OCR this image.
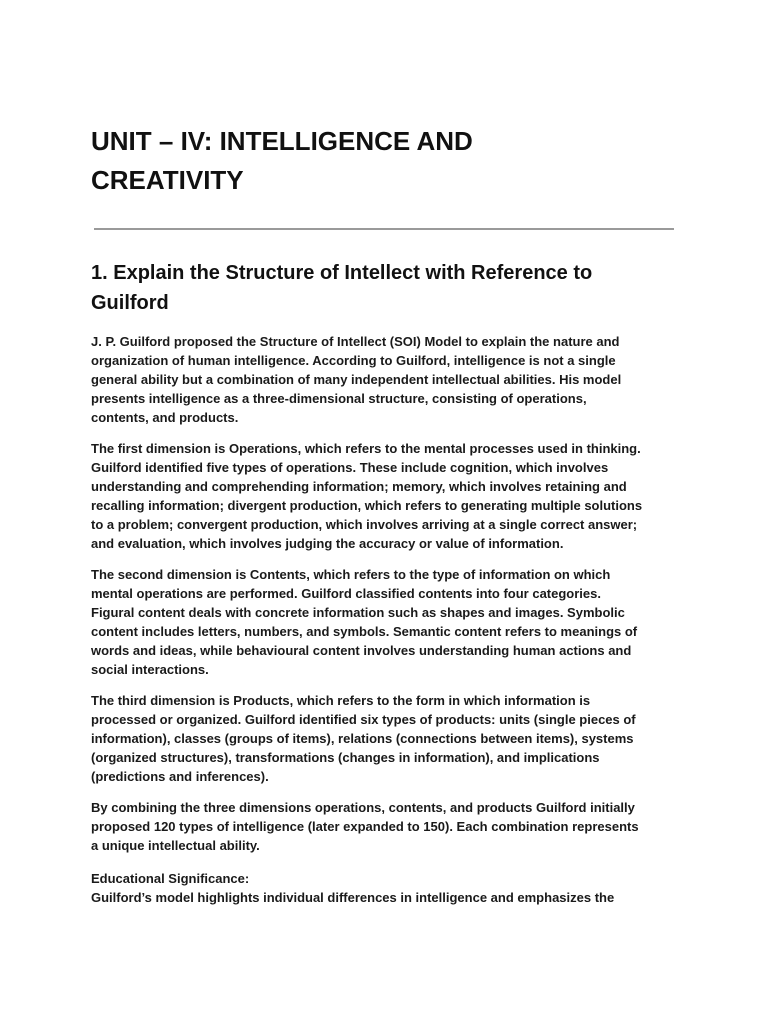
UNIT – IV: INTELLIGENCE AND
CREATIVITY
1. Explain the Structure of Intellect with Reference to
Guilford

J. P. Guilford proposed the Structure of Intellect (SOI) Model to explain the nature and
organization of human intelligence. According to Guilford, intelligence is not a single
general ability but a combination of many independent intellectual abilities. His model
presents intelligence as a three-dimensional structure, consisting of operations,
contents, and products.

The first dimension is Operations, which refers to the mental processes used in thinking.
Guilford identified five types of operations. These include cognition, which involves
understanding and comprehending information; memory, which involves retaining and
recalling information; divergent production, which refers to generating multiple solutions
to a problem; convergent production, which involves arriving at a single correct answer;
and evaluation, which involves judging the accuracy or value of information.

The second dimension is Contents, which refers to the type of information on which
mental operations are performed. Guilford classified contents into four categories.
Figural content deals with concrete information such as shapes and images. Symbolic
content includes letters, numbers, and symbols. Semantic content refers to meanings of
words and ideas, while behavioural content involves understanding human actions and
social interactions.

The third dimension is Products, which refers to the form in which information is
processed or organized. Guilford identified six types of products: units (single pieces of
information), classes (groups of items), relations (connections between items), systems
(organized structures), transformations (changes in information), and implications
(predictions and inferences).

By combining the three dimensions operations, contents, and products Guilford initially
proposed 120 types of intelligence (later expanded to 150). Each combination represents
a unique intellectual ability.

Educational Significance:
Guilford’s model highlights individual differences in intelligence and emphasizes the
